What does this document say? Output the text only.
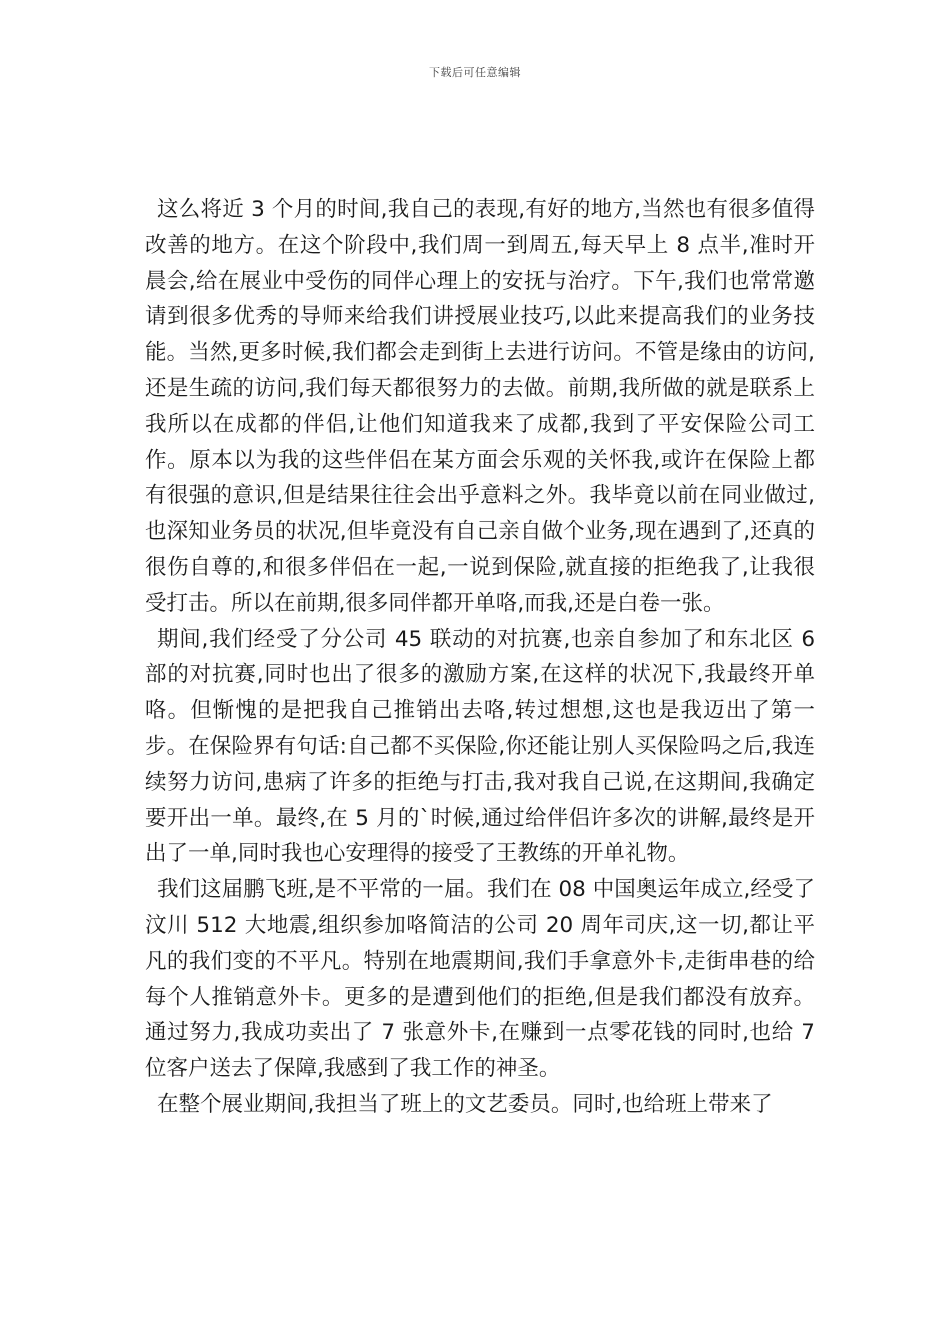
下载后可任意编辑

这么将近 3 个月的时间,我自己的表现,有好的地方,当然也有很多值得改善的地方。在这个阶段中,我们周一到周五,每天早上 8 点半,准时开晨会,给在展业中受伤的同伴心理上的安抚与治疗。下午,我们也常常邀请到很多优秀的导师来给我们讲授展业技巧,以此来提高我们的业务技能。当然,更多时候,我们都会走到街上去进行访问。不管是缘由的访问,还是生疏的访问,我们每天都很努力的去做。前期,我所做的就是联系上我所以在成都的伴侣,让他们知道我来了成都,我到了平安保险公司工作。原本以为我的这些伴侣在某方面会乐观的关怀我,或许在保险上都有很强的意识,但是结果往往会出乎意料之外。我毕竟以前在同业做过,也深知业务员的状况,但毕竟没有自己亲自做个业务,现在遇到了,还真的很伤自尊的,和很多伴侣在一起,一说到保险,就直接的拒绝我了,让我很受打击。所以在前期,很多同伴都开单咯,而我,还是白卷一张。

期间,我们经受了分公司 45 联动的对抗赛,也亲自参加了和东北区 6 部的对抗赛,同时也出了很多的激励方案,在这样的状况下,我最终开单咯。但惭愧的是把我自己推销出去咯,转过想想,这也是我迈出了第一步。在保险界有句话:自己都不买保险,你还能让别人买保险吗之后,我连续努力访问,患病了许多的拒绝与打击,我对我自己说,在这期间,我确定要开出一单。最终,在 5 月的`时候,通过给伴侣许多次的讲解,最终是开出了一单,同时我也心安理得的接受了王教练的开单礼物。

我们这届鹏飞班,是不平常的一届。我们在 08 中国奥运年成立,经受了汶川 512 大地震,组织参加咯简洁的公司 20 周年司庆,这一切,都让平凡的我们变的不平凡。特别在地震期间,我们手拿意外卡,走街串巷的给每个人推销意外卡。更多的是遭到他们的拒绝,但是我们都没有放弃。通过努力,我成功卖出了 7 张意外卡,在赚到一点零花钱的同时,也给 7 位客户送去了保障,我感到了我工作的神圣。

在整个展业期间,我担当了班上的文艺委员。同时,也给班上带来了
